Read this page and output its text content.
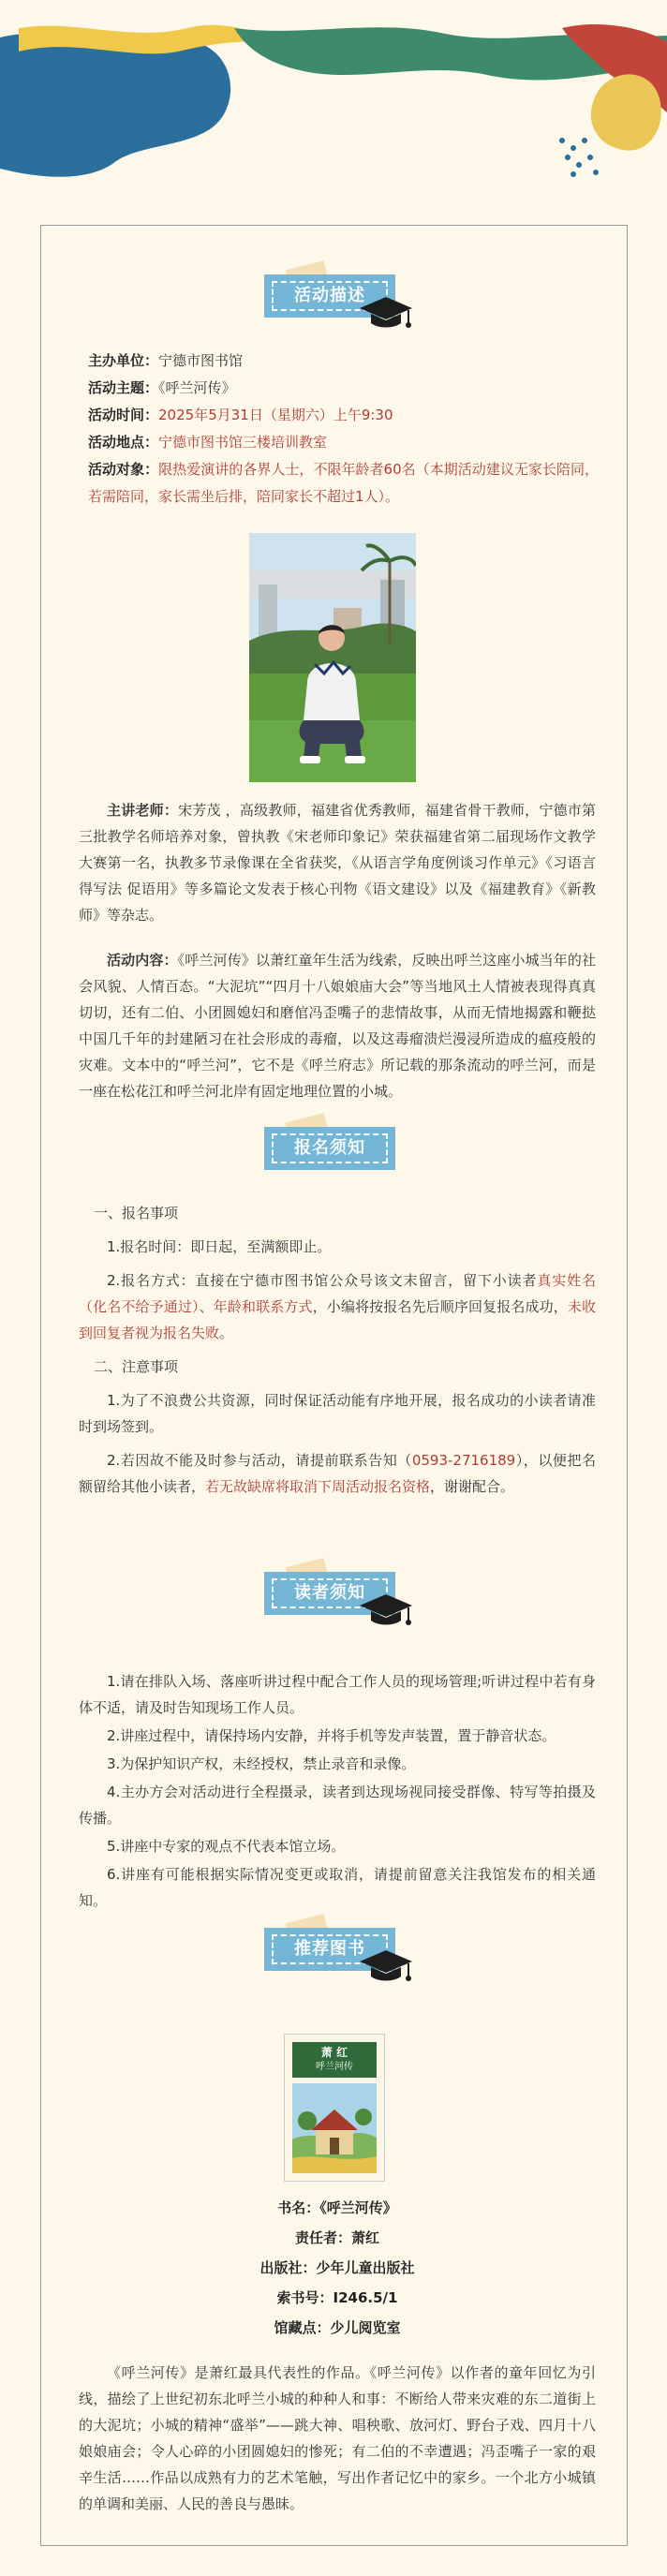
活动描述
主办单位：宁德市图书馆
活动主题：《呼兰河传》
活动时间：2025年5月31日（星期六）上午9:30
活动地点：宁德市图书馆三楼培训教室
活动对象：限热爱演讲的各界人士，不限年龄者60名（本期活动建议无家长陪同，若需陪同，家长需坐后排，陪同家长不超过1人）。

主讲老师：宋芳茂 ，高级教师，福建省优秀教师，福建省骨干教师，宁德市第三批教学名师培养对象，曾执教《宋老师印象记》荣获福建省第二届现场作文教学大赛第一名，执教多节录像课在全省获奖，《从语言学角度例谈习作单元》《习语言 得写法 促语用》等多篇论文发表于核心刊物《语文建设》以及《福建教育》《新教师》等杂志。

活动内容：《呼兰河传》以萧红童年生活为线索，反映出呼兰这座小城当年的社会风貌、人情百态。“大泥坑”“四月十八娘娘庙大会”等当地风土人情被表现得真真切切，还有二伯、小团圆媳妇和磨倌冯歪嘴子的悲情故事，从而无情地揭露和鞭挞中国几千年的封建陋习在社会形成的毒瘤，以及这毒瘤溃烂漫浸所造成的瘟疫般的灾难。文本中的“呼兰河”，它不是《呼兰府志》所记载的那条流动的呼兰河，而是一座在松花江和呼兰河北岸有固定地理位置的小城。

报名须知

一、报名事项

1.报名时间：即日起，至满额即止。

2.报名方式：直接在宁德市图书馆公众号该文末留言，留下小读者真实姓名（化名不给予通过）、年龄和联系方式，小编将按报名先后顺序回复报名成功，未收到回复者视为报名失败。

二、注意事项

1.为了不浪费公共资源，同时保证活动能有序地开展，报名成功的小读者请准时到场签到。

2.若因故不能及时参与活动，请提前联系告知（0593-2716189），以便把名额留给其他小读者，若无故缺席将取消下周活动报名资格，谢谢配合。

读者须知

1.请在排队入场、落座听讲过程中配合工作人员的现场管理;听讲过程中若有身体不适，请及时告知现场工作人员。

2.讲座过程中，请保持场内安静，并将手机等发声装置，置于静音状态。

3.为保护知识产权，未经授权，禁止录音和录像。

4.主办方会对活动进行全程摄录，读者到达现场视同接受群像、特写等拍摄及传播。

5.讲座中专家的观点不代表本馆立场。

6.讲座有可能根据实际情况变更或取消，请提前留意关注我馆发布的相关通知。

推荐图书
萧 红
呼兰河传
书名：《呼兰河传》
责任者：萧红
出版社：少年儿童出版社
索书号：I246.5/1
馆藏点：少儿阅览室

《呼兰河传》是萧红最具代表性的作品。《呼兰河传》以作者的童年回忆为引线，描绘了上世纪初东北呼兰小城的种种人和事：不断给人带来灾难的东二道街上的大泥坑；小城的精神“盛举”——跳大神、唱秧歌、放河灯、野台子戏、四月十八娘娘庙会；令人心碎的小团圆媳妇的惨死；有二伯的不幸遭遇；冯歪嘴子一家的艰辛生活……作品以成熟有力的艺术笔触，写出作者记忆中的家乡。一个北方小城镇的单调和美丽、人民的善良与愚昧。
